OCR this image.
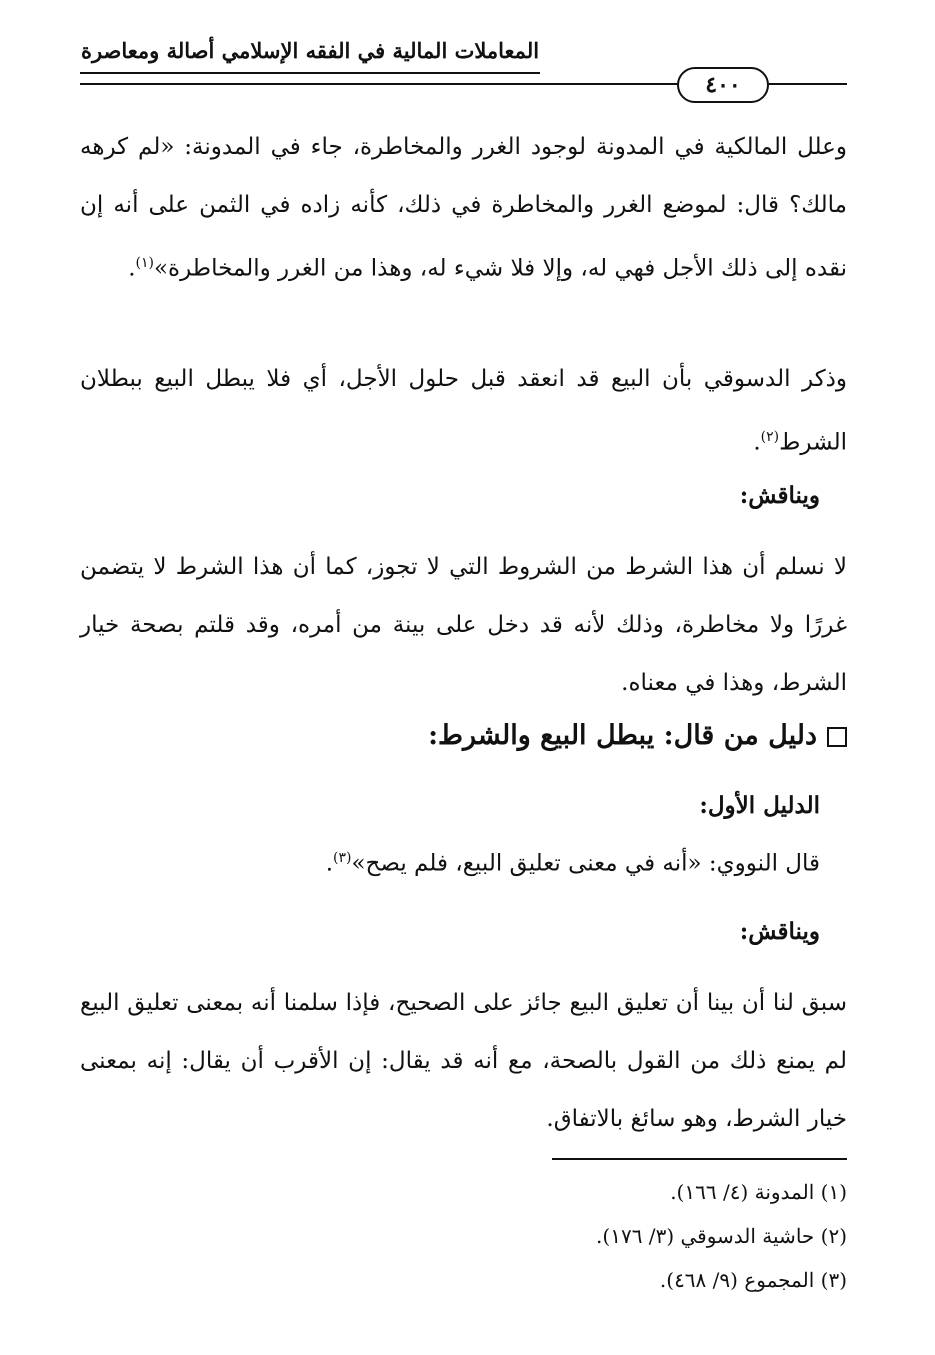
المعاملات المالية في الفقه الإسلامي أصالة ومعاصرة
٤٠٠
وعلل المالكية في المدونة لوجود الغرر والمخاطرة، جاء في المدونة: «لم كرهه مالك؟ قال: لموضع الغرر والمخاطرة في ذلك، كأنه زاده في الثمن على أنه إن نقده إلى ذلك الأجل فهي له، وإلا فلا شيء له، وهذا من الغرر والمخاطرة»$^{(١)}$.
وذكر الدسوقي بأن البيع قد انعقد قبل حلول الأجل، أي فلا يبطل البيع ببطلان الشرط$^{(٢)}$.
ويناقش:
لا نسلم أن هذا الشرط من الشروط التي لا تجوز، كما أن هذا الشرط لا يتضمن غررًا ولا مخاطرة، وذلك لأنه قد دخل على بينة من أمره، وقد قلتم بصحة خيار الشرط، وهذا في معناه.
دليل من قال: يبطل البيع والشرط:
الدليل الأول:
قال النووي: «أنه في معنى تعليق البيع، فلم يصح»$^{(٣)}$.
ويناقش:
سبق لنا أن بينا أن تعليق البيع جائز على الصحيح، فإذا سلمنا أنه بمعنى تعليق البيع لم يمنع ذلك من القول بالصحة، مع أنه قد يقال: إن الأقرب أن يقال: إنه بمعنى خيار الشرط، وهو سائغ بالاتفاق.
(١) المدونة (٤/ ١٦٦).
(٢) حاشية الدسوقي (٣/ ١٧٦).
(٣) المجموع (٩/ ٤٦٨).
